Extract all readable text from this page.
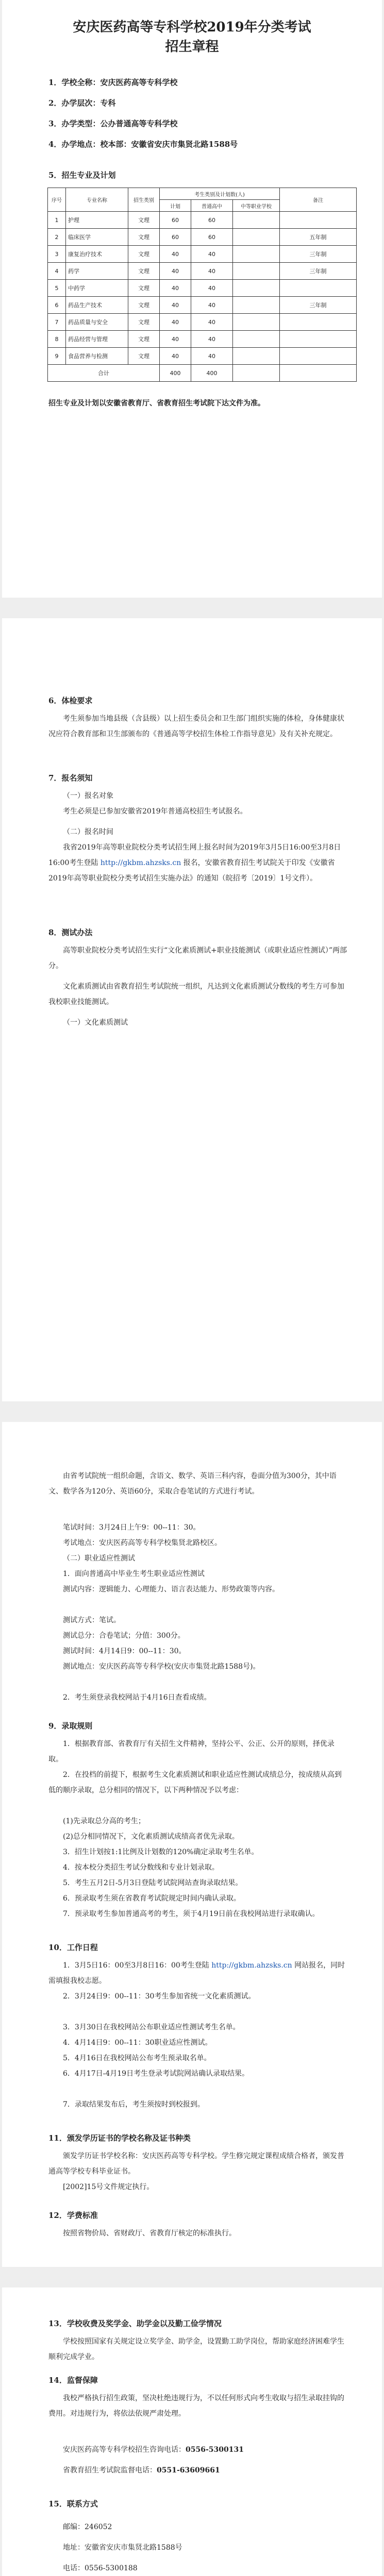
安庆医药高等专科学校2019年分类考试
招生章程
1．学校全称：安庆医药高等专科学校
2．办学层次：专科
3．办学类型：公办普通高等专科学校
4．办学地点：校本部：安徽省安庆市集贤北路1588号
5．招生专业及计划
序号	专业名称	招生类别	考生类别及计划数(人)			备注
			计划	普通高中	中等职业学校	
1	护理	文理	60	60		
2	临床医学	文理	60	60		五年制
3	康复治疗技术	文理	40	40		三年制
4	药学	文理	40	40		三年制
5	中药学	文理	40	40		
6	药品生产技术	文理	40	40		三年制
7	药品质量与安全	文理	40	40		
8	药品经营与管理	文理	40	40		
9	食品营养与检测	文理	40	40		
合计			400	400		
招生专业及计划以安徽省教育厅、省教育招生考试院下达文件为准。
6．体检要求
考生须参加当地县级（含县级）以上招生委员会和卫生部门组织实施的体检，身体健康状况应符合教育部和卫生部颁布的《普通高等学校招生体检工作指导意见》及有关补充规定。
7．报名须知
（一）报名对象
考生必须是已参加安徽省2019年普通高校招生考试报名。
（二）报名时间
我省2019年高等职业院校分类考试招生网上报名时间为2019年3月5日16:00至3月8日16:00考生登陆 http://gkbm.ahzsks.cn 报名，安徽省教育招生考试院关于印发《安徽省2019年高等职业院校分类考试招生实施办法》的通知（皖招考〔2019〕1号文件）。
8．测试办法
高等职业院校分类考试招生实行“文化素质测试+职业技能测试（或职业适应性测试）”两部分。
文化素质测试由省教育招生考试院统一组织，凡达到文化素质测试分数线的考生方可参加我校职业技能测试。
（一）文化素质测试
由省考试院统一组织命题，含语文、数学、英语三科内容，卷面分值为300分，其中语文、数学各为120分、英语60分，采取合卷笔试的方式进行考试。
笔试时间：3月24日上午9：00--11：30。
考试地点：安庆医药高等专科学校集贤北路校区。
（二）职业适应性测试
1．面向普通高中毕业生考生职业适应性测试
测试内容：逻辑能力、心理能力、语言表达能力、形势政策等内容。
测试方式：笔试。
测试总分：合卷笔试；分值：300分。
测试时间：4月14日9：00--11：30。
测试地点：安庆医药高等专科学校(安庆市集贤北路1588号)。
2．考生须登录我校网站于4月16日查看成绩。
9．录取规则
1．根据教育部、省教育厅有关招生文件精神，坚持公平、公正、公开的原则，择优录取。
2．在投档的前提下，根据考生文化素质测试和职业适应性测试成绩总分，按成绩从高到低的顺序录取，总分相同的情况下，以下两种情况予以考虑：
(1)先录取总分高的考生；
(2)总分相同情况下，文化素质测试成绩高者优先录取。
3．招生计划按1:1比例及计划数的120%确定录取考生名单。
4．按本校分类招生考试分数线和专业计划录取。
5．考生五月2日-5月3日登陆考试院网站查询录取结果。
6．预录取考生须在省教育考试院规定时间内确认录取。
7．预录取考生参加普通高考的考生，须于4月19日前在我校网站进行录取确认。
10．工作日程
1．3月5日16：00至3月8日16：00考生登陆 http://gkbm.ahzsks.cn 网站报名，同时需填报我校志愿。
2．3月24日9：00--11：30考生参加省统一文化素质测试。
3．3月30日在我校网站公布职业适应性测试考生名单。
4．4月14日9：00--11：30职业适应性测试。
5．4月16日在我校网站公布考生预录取名单。
6．4月17日-4月19日考生登录考试院网站确认录取结果。
7．录取结果发布后，考生须按时到校报到。
11．颁发学历证书的学校名称及证书种类
颁发学历证书学校名称：安庆医药高等专科学校。学生修完规定课程成绩合格者，颁发普通高等学校专科毕业证书。
[2002]15号文件规定执行。
12．学费标准
按照省物价局、省财政厅、省教育厅核定的标准执行。
13．学校收费及奖学金、助学金以及勤工俭学情况
学校按照国家有关规定设立奖学金、助学金，设置勤工助学岗位，帮助家庭经济困难学生顺利完成学业。
14．监督保障
我校严格执行招生政策，坚决杜绝违规行为，不以任何形式向考生收取与招生录取挂钩的费用。对违规行为，将依法依规严肃处理。
安庆医药高等专科学校招生咨询电话：0556-5300131
省教育招生考试院监督电话：0551-63609661
15．联系方式
邮编：246052
地址：安徽省安庆市集贤北路1588号
电话：0556-5300188
